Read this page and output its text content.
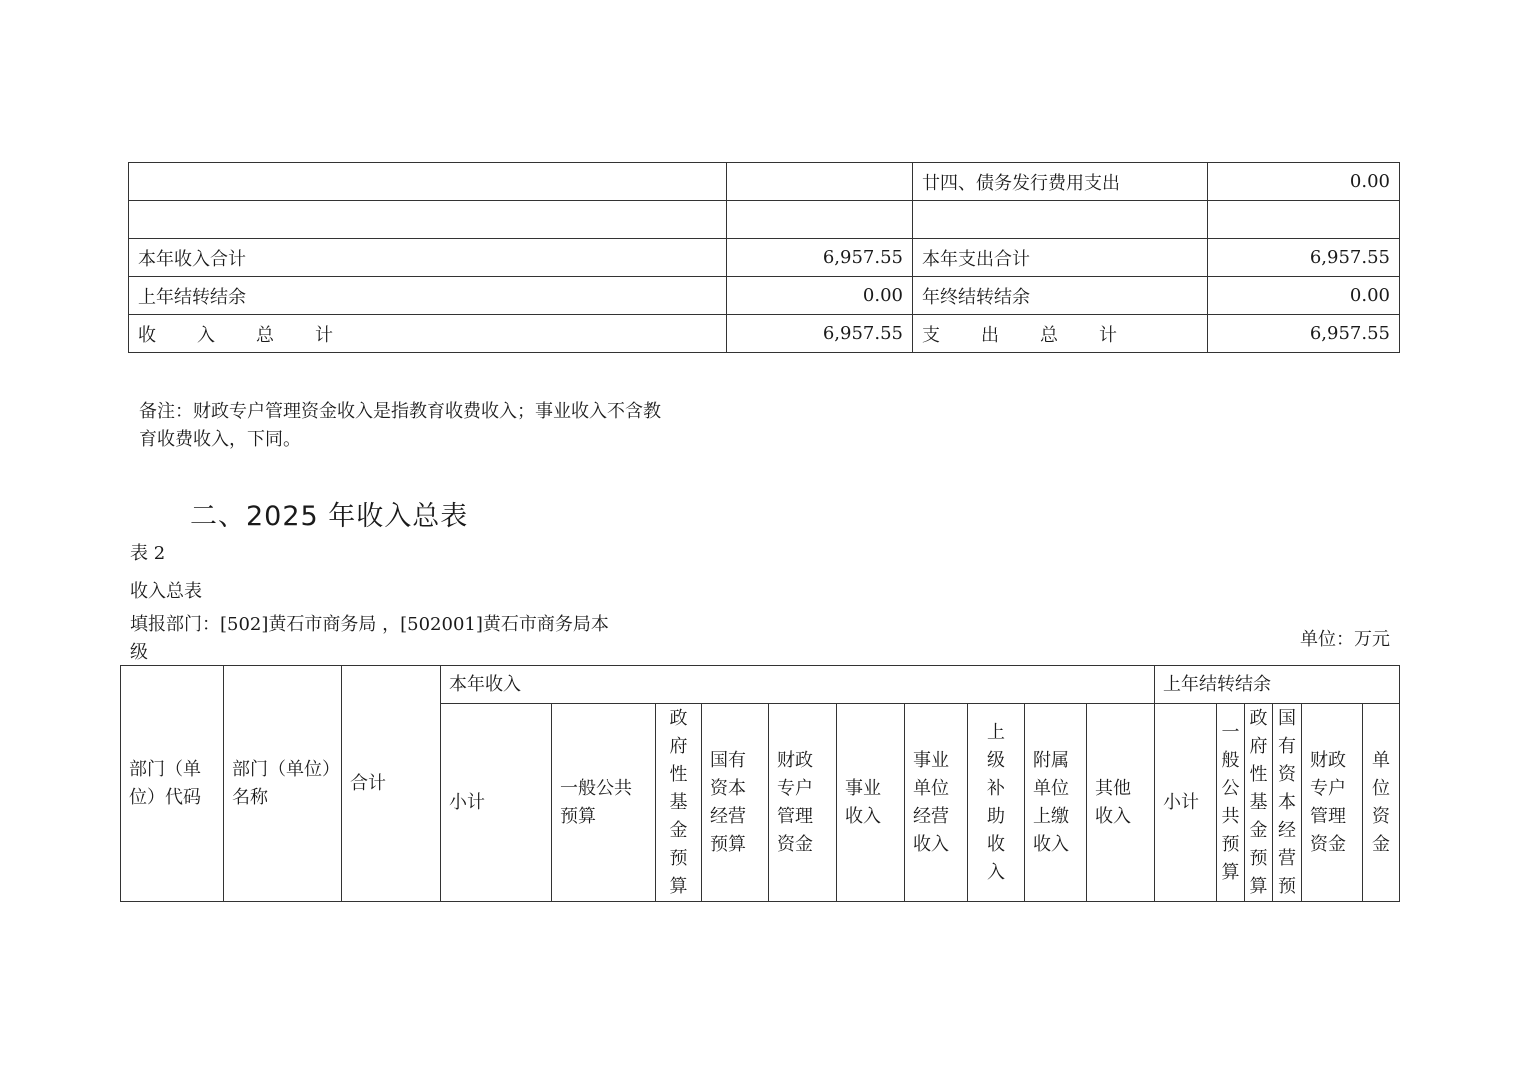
		廿四、债务发行费用支出	0.00

本年收入合计	6,957.55	本年支出合计	6,957.55
上年结转结余	0.00	年终结转结余	0.00
收入总计	6,957.55	支出总计	6,957.55
备注：财政专户管理资金收入是指教育收费收入；事业收入不含教
育收费收入，下同。
二、2025 年收入总表
表 2
收入总表
填报部门：[502]黄石市商务局 ，[502001]黄石市商务局本
级
单位：万元
部门（单位）代码	部门（单位）名称	合计	本年收入										上年结转结余					
			小计	一般公共预算	政府性基金预算	国有资本经营预算	财政专户管理资金	事业收入	事业单位经营收入	上级补助收入	附属单位上缴收入	其他收入	小计	一般公共预算	政府性基金预算	国有资本经营预	财政专户管理资金	单位资金
